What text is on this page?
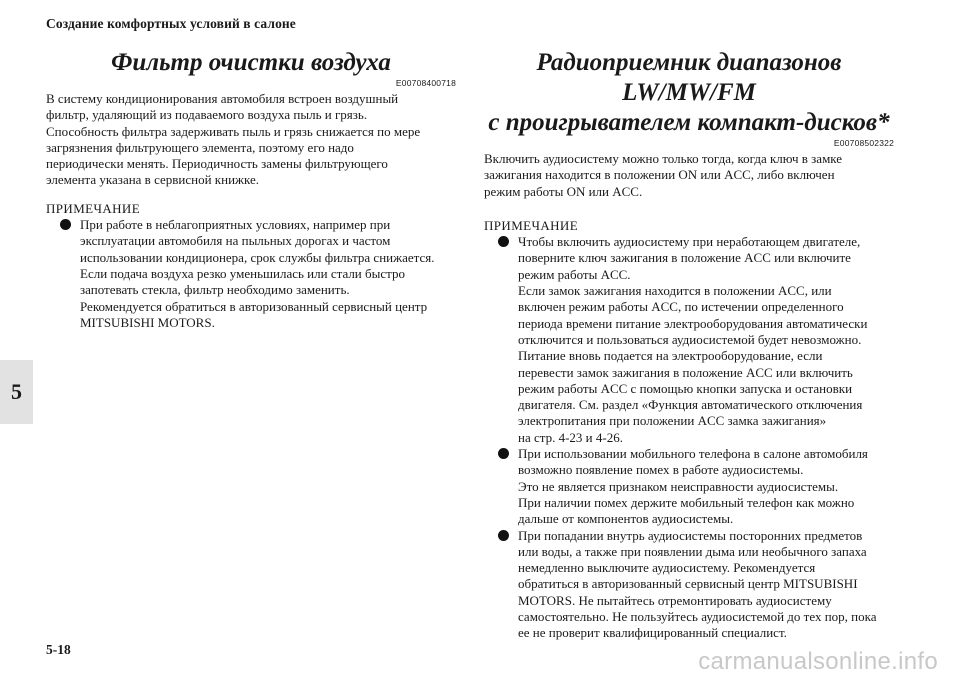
Создание комфортных условий в салоне
5
Фильтр очистки воздуха
E00708400718
В систему кондиционирования автомобиля встроен воздушный
фильтр, удаляющий из подаваемого воздуха пыль и грязь.
Способность фильтра задерживать пыль и грязь снижается по мере
загрязнения фильтрующего элемента, поэтому его надо
периодически менять. Периодичность замены фильтрующего
элемента указана в сервисной книжке.
ПРИМЕЧАНИЕ
При работе в неблагоприятных условиях, например при
эксплуатации автомобиля на пыльных дорогах и частом
использовании кондиционера, срок службы фильтра снижается.
Если подача воздуха резко уменьшилась или стали быстро
запотевать стекла, фильтр необходимо заменить.
Рекомендуется обратиться в авторизованный сервисный центр
MITSUBISHI MOTORS.
Радиоприемник диапазонов LW/MW/FM
с проигрывателем компакт-дисков*
E00708502322
Включить аудиосистему можно только тогда, когда ключ в замке
зажигания находится в положении ON или ACC, либо включен
режим работы ON или ACC.
ПРИМЕЧАНИЕ
Чтобы включить аудиосистему при неработающем двигателе,
поверните ключ зажигания в положение ACC или включите
режим работы ACC.
Если замок зажигания находится в положении ACC, или
включен режим работы ACC, по истечении определенного
периода времени питание электрооборудования автоматически
отключится и пользоваться аудиосистемой будет невозможно.
Питание вновь подается на электрооборудование, если
перевести замок зажигания в положение ACC или включить
режим работы ACC с помощью кнопки запуска и остановки
двигателя. См. раздел «Функция автоматического отключения
электропитания при положении ACC замка зажигания»
на стр. 4-23 и 4-26.
При использовании мобильного телефона в салоне автомобиля
возможно появление помех в работе аудиосистемы.
Это не является признаком неисправности аудиосистемы.
При наличии помех держите мобильный телефон как можно
дальше от компонентов аудиосистемы.
При попадании внутрь аудиосистемы посторонних предметов
или воды, а также при появлении дыма или необычного запаха
немедленно выключите аудиосистему. Рекомендуется
обратиться в авторизованный сервисный центр MITSUBISHI
MOTORS. Не пытайтесь отремонтировать аудиосистему
самостоятельно. Не пользуйтесь аудиосистемой до тех пор, пока
ее не проверит квалифицированный специалист.
5-18	carmanualsonline.info
